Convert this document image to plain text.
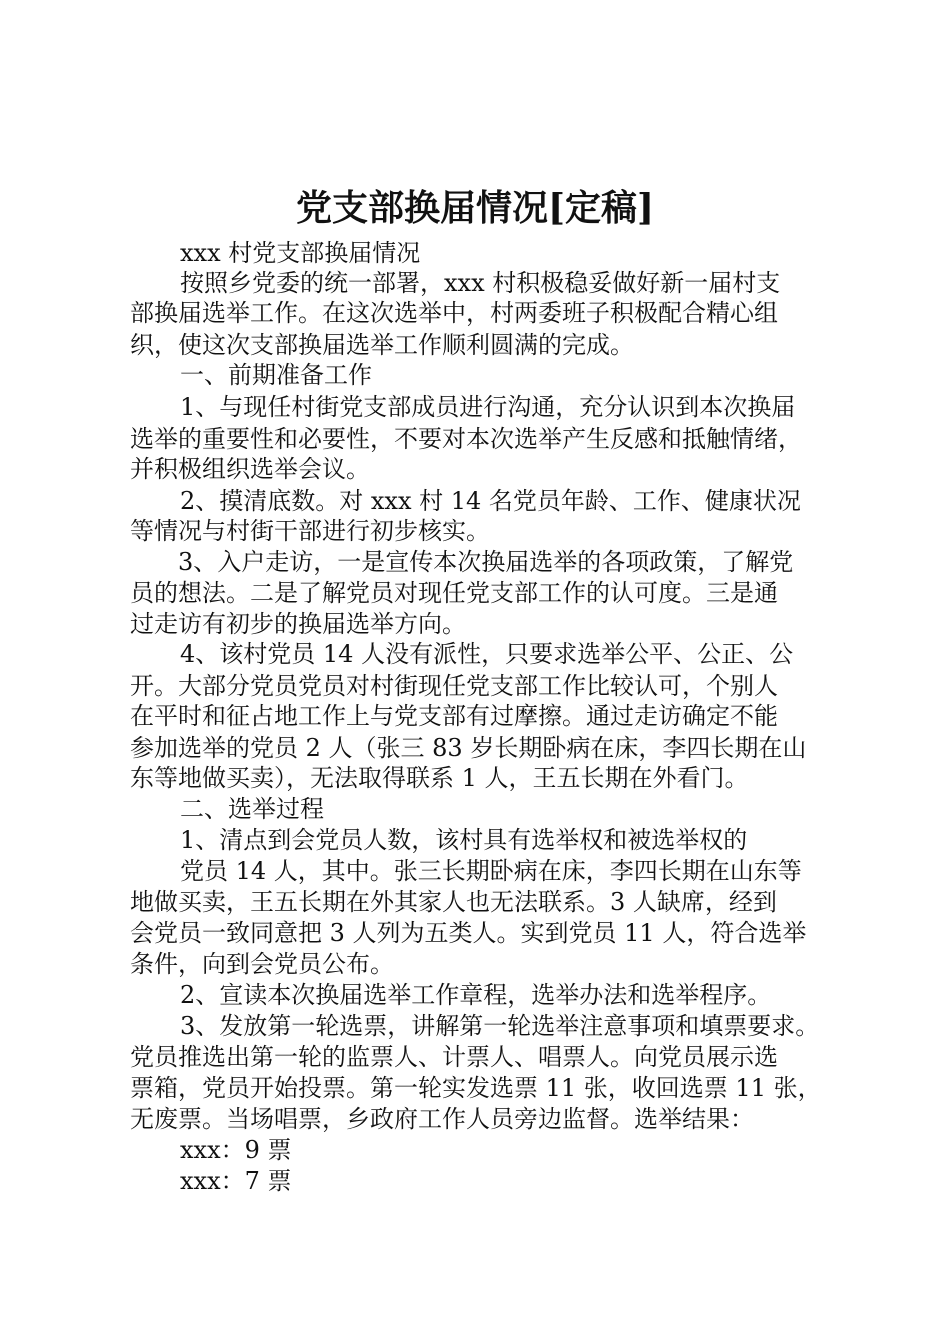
党支部换届情况[定稿]
xxx 村党支部换届情况
按照乡党委的统一部署，xxx 村积极稳妥做好新一届村支
部换届选举工作。在这次选举中，村两委班子积极配合精心组
织，使这次支部换届选举工作顺利圆满的完成。
一、前期准备工作
1、与现任村街党支部成员进行沟通，充分认识到本次换届
选举的重要性和必要性，不要对本次选举产生反感和抵触情绪，
并积极组织选举会议。
2、摸清底数。对 xxx 村 14 名党员年龄、工作、健康状况
等情况与村街干部进行初步核实。
3、入户走访，一是宣传本次换届选举的各项政策，了解党
员的想法。二是了解党员对现任党支部工作的认可度。三是通
过走访有初步的换届选举方向。
4、该村党员 14 人没有派性，只要求选举公平、公正、公
开。大部分党员党员对村街现任党支部工作比较认可，个别人
在平时和征占地工作上与党支部有过摩擦。通过走访确定不能
参加选举的党员 2 人（张三 83 岁长期卧病在床，李四长期在山
东等地做买卖），无法取得联系 1 人，王五长期在外看门。
二、选举过程
1、清点到会党员人数，该村具有选举权和被选举权的
党员 14 人，其中。张三长期卧病在床，李四长期在山东等
地做买卖，王五长期在外其家人也无法联系。3 人缺席，经到
会党员一致同意把 3 人列为五类人。实到党员 11 人，符合选举
条件，向到会党员公布。
2、宣读本次换届选举工作章程，选举办法和选举程序。
3、发放第一轮选票，讲解第一轮选举注意事项和填票要求。
党员推选出第一轮的监票人、计票人、唱票人。向党员展示选
票箱，党员开始投票。第一轮实发选票 11 张，收回选票 11 张，
无废票。当场唱票，乡政府工作人员旁边监督。选举结果：
xxx：9 票
xxx：7 票
